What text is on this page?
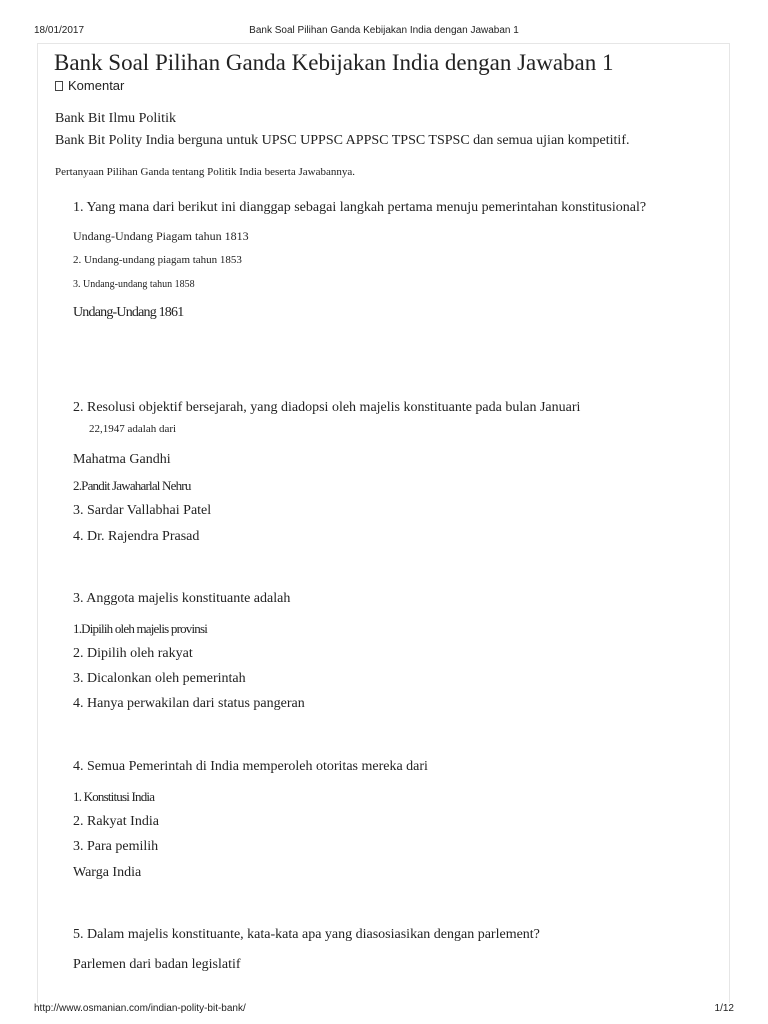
18/01/2017	Bank Soal Pilihan Ganda Kebijakan India dengan Jawaban 1
Bank Soal Pilihan Ganda Kebijakan India dengan Jawaban 1
Komentar
Bank Bit Ilmu Politik
Bank Bit Polity India berguna untuk UPSC UPPSC APPSC TPSC TSPSC dan semua ujian kompetitif.
Pertanyaan Pilihan Ganda tentang Politik India beserta Jawabannya.
1. Yang mana dari berikut ini dianggap sebagai langkah pertama menuju pemerintahan konstitusional?
Undang-Undang Piagam tahun 1813
2. Undang-undang piagam tahun 1853
3. Undang-undang tahun 1858
Undang-Undang 1861
2. Resolusi objektif bersejarah, yang diadopsi oleh majelis konstituante pada bulan Januari
22,1947 adalah dari
Mahatma Gandhi
2.Pandit Jawaharlal Nehru
3. Sardar Vallabhai Patel
4. Dr. Rajendra Prasad
3. Anggota majelis konstituante adalah
1.Dipilih oleh majelis provinsi
2. Dipilih oleh rakyat
3. Dicalonkan oleh pemerintah
4. Hanya perwakilan dari status pangeran
4. Semua Pemerintah di India memperoleh otoritas mereka dari
1. Konstitusi India
2. Rakyat India
3. Para pemilih
Warga India
5. Dalam majelis konstituante, kata-kata apa yang diasosiasikan dengan parlement?
Parlemen dari badan legislatif
http://www.osmanian.com/indian-polity-bit-bank/	1/12
